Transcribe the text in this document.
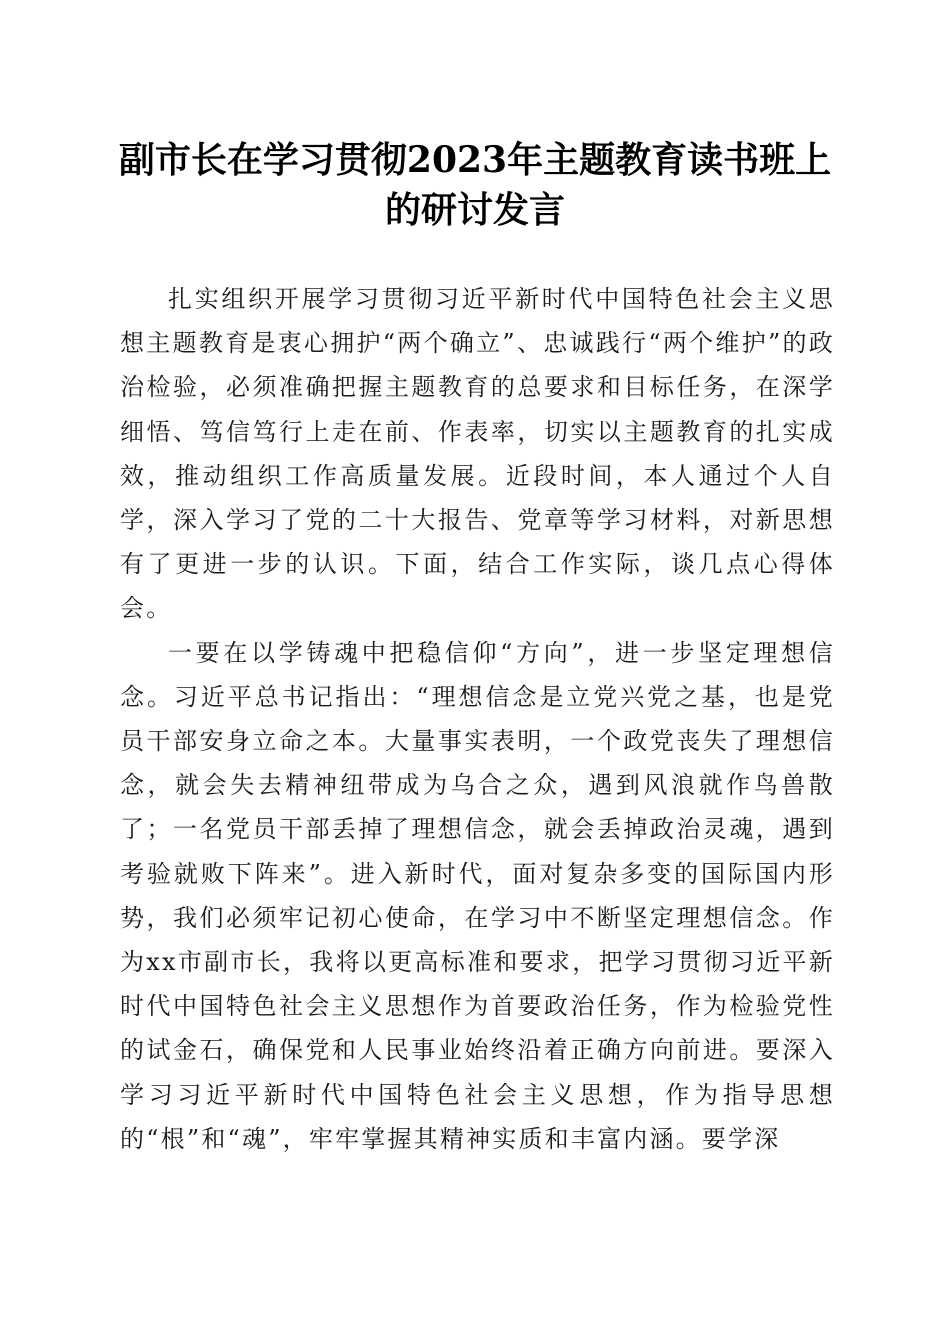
副市长在学习贯彻2023年主题教育读书班上
的研讨发言

扎实组织开展学习贯彻习近平新时代中国特色社会主义思想主题教育是衷心拥护“两个确立”、忠诚践行“两个维护”的政治检验，必须准确把握主题教育的总要求和目标任务，在深学细悟、笃信笃行上走在前、作表率，切实以主题教育的扎实成效，推动组织工作高质量发展。近段时间，本人通过个人自学，深入学习了党的二十大报告、党章等学习材料，对新思想有了更进一步的认识。下面，结合工作实际，谈几点心得体会。

一要在以学铸魂中把稳信仰“方向”，进一步坚定理想信念。习近平总书记指出：“理想信念是立党兴党之基，也是党员干部安身立命之本。大量事实表明，一个政党丧失了理想信念，就会失去精神纽带成为乌合之众，遇到风浪就作鸟兽散了；一名党员干部丢掉了理想信念，就会丢掉政治灵魂，遇到考验就败下阵来”。进入新时代，面对复杂多变的国际国内形势，我们必须牢记初心使命，在学习中不断坚定理想信念。作为xx市副市长，我将以更高标准和要求，把学习贯彻习近平新时代中国特色社会主义思想作为首要政治任务，作为检验党性的试金石，确保党和人民事业始终沿着正确方向前进。要深入学习习近平新时代中国特色社会主义思想，作为指导思想的“根”和“魂”，牢牢掌握其精神实质和丰富内涵。要学深
